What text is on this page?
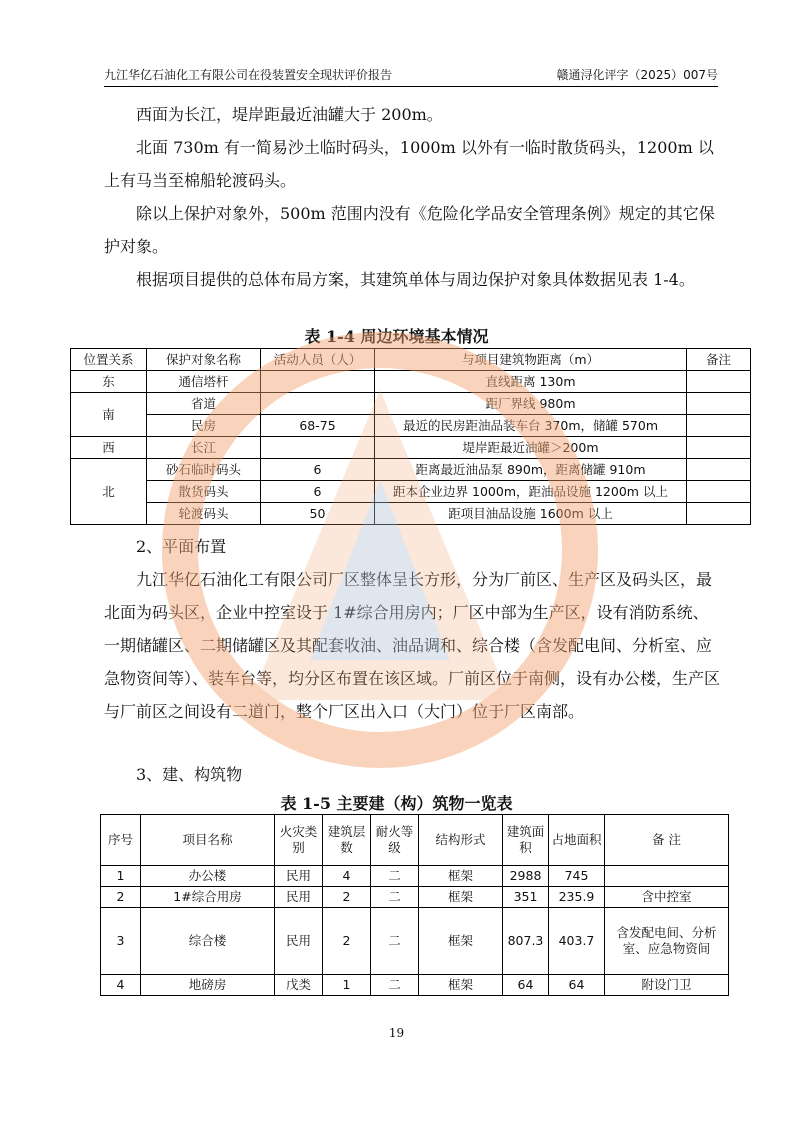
九江华亿石油化工有限公司在役装置安全现状评价报告	赣通浔化评字（2025）007号

西面为长江，堤岸距最近油罐大于 200m。

北面 730m 有一简易沙土临时码头，1000m 以外有一临时散货码头，1200m 以上有马当至棉船轮渡码头。

除以上保护对象外，500m 范围内没有《危险化学品安全管理条例》规定的其它保护对象。

根据项目提供的总体布局方案，其建筑单体与周边保护对象具体数据见表 1-4。

表 1-4 周边环境基本情况

位置关系	保护对象名称	活动人员（人）	与项目建筑物距离（m）	备注
东	通信塔杆		直线距离 130m	
南	省道		距厂界线 980m	
	民房	68-75	最近的民房距油品装车台 370m，储罐 570m	
西	长江		堤岸距最近油罐＞200m	
北	砂石临时码头	6	距离最近油品泵 890m，距离储罐 910m	
	散货码头	6	距本企业边界 1000m，距油品设施 1200m 以上	
	轮渡码头	50	距项目油品设施 1600m 以上	

2、平面布置

九江华亿石油化工有限公司厂区整体呈长方形，分为厂前区、生产区及码头区，最北面为码头区，企业中控室设于 1#综合用房内；厂区中部为生产区，设有消防系统、一期储罐区、二期储罐区及其配套收油、油品调和、综合楼（含发配电间、分析室、应急物资间等）、装车台等，均分区布置在该区域。厂前区位于南侧，设有办公楼，生产区与厂前区之间设有二道门，整个厂区出入口（大门）位于厂区南部。

3、建、构筑物

表 1-5 主要建（构）筑物一览表

序号	项目名称	火灾类别	建筑层数	耐火等级	结构形式	建筑面积	占地面积	备 注
1	办公楼	民用	4	二	框架	2988	745	
2	1#综合用房	民用	2	二	框架	351	235.9	含中控室
3	综合楼	民用	2	二	框架	807.3	403.7	含发配电间、分析室、应急物资间
4	地磅房	戊类	1	二	框架	64	64	附设门卫
19
